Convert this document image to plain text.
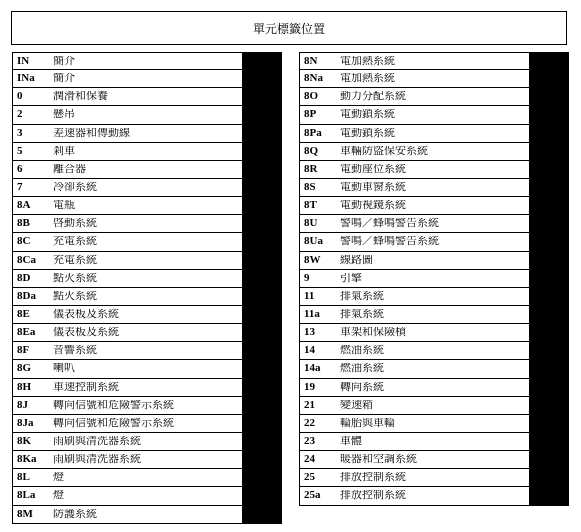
單元標籤位置
IN	簡介
INa	簡介
0	潤滑和保養
2	懸吊
3	差速器和傳動線
5	剎車
6	離合器
7	冷卻系統
8A	電瓶
8B	啓動系統
8C	充電系統
8Ca	充電系統
8D	點火系統
8Da	點火系統
8E	儀表板及系統
8Ea	儀表板及系統
8F	音響系統
8G	喇叭
8H	車速控制系統
8J	轉向信號和危險警示系統
8Ja	轉向信號和危險警示系統
8K	雨刷與清洗器系統
8Ka	雨刷與清洗器系統
8L	燈
8La	燈
8M	防護系統
8N	電加熱系統
8Na	電加熱系統
8O	動力分配系統
8P	電動鎖系統
8Pa	電動鎖系統
8Q	車輛防盜保安系統
8R	電動座位系統
8S	電動車窗系統
8T	電動視鏡系統
8U	警鳴／蜂鳴警告系統
8Ua	警鳴／蜂鳴警告系統
8W	線路圖
9	引擎
11	排氣系統
11a	排氣系統
13	車架和保險槓
14	燃油系統
14a	燃油系統
19	轉向系統
21	變速箱
22	輪胎與車輪
23	車體
24	暖器和空調系統
25	排放控制系統
25a	排放控制系統
